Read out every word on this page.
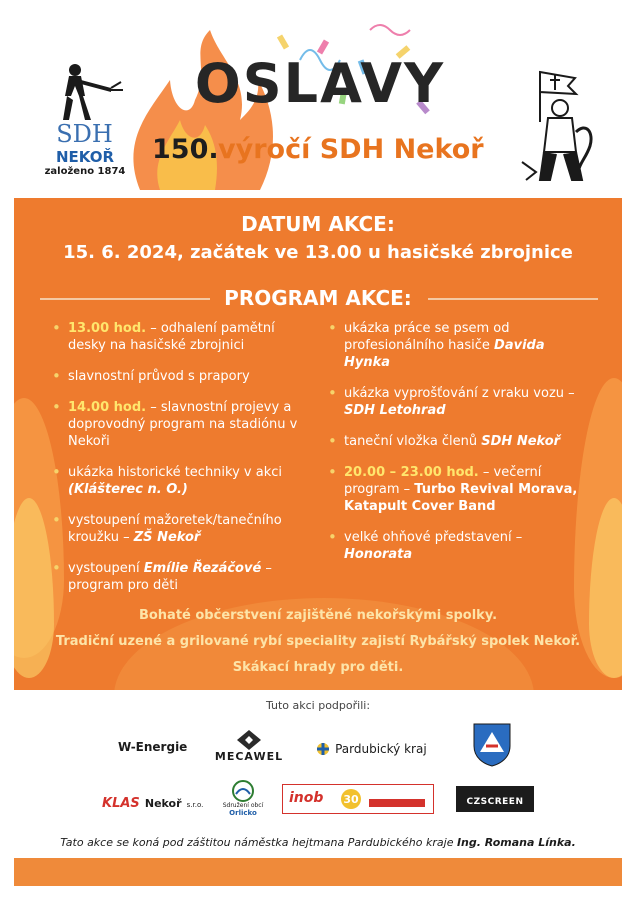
SDH
NEKOŘ
založeno 1874
OSLAVY
150. výročí SDH Nekoř
DATUM AKCE:
15. 6. 2024, začátek ve 13.00 u hasičské zbrojnice
PROGRAM AKCE:
• 13.00 hod. – odhalení pamětní desky na hasičské zbrojnici
• slavnostní průvod s prapory
• 14.00 hod. – slavnostní projevy a doprovodný program na stadiónu v Nekoři
• ukázka historické techniky v akci (Klášterec n. O.)
• vystoupení mažoretek/tanečního kroužku – ZŠ Nekoř
• vystoupení Emílie Řezáčové – program pro děti
• ukázka práce se psem od profesionálního hasiče Davida Hynka
• ukázka vyprošťování z vraku vozu – SDH Letohrad
• taneční vložka členů SDH Nekoř
• 20.00 – 23.00 hod. – večerní program – Turbo Revival Morava, Katapult Cover Band
• velké ohňové představení – Honorata
Bohaté občerstvení zajištěné nekořskými spolky.
Tradiční uzené a grilované rybí speciality zajistí Rybářský spolek Nekoř.
Skákací hrady pro děti.
Tuto akci podpořili:
W-Energie
MECAWEL
Pardubický kraj
KLAS Nekoř s.r.o.	Sdružení obcí
Orlicko
inob 30	CZSCREEN
Tato akce se koná pod záštitou náměstka hejtmana Pardubického kraje Ing. Romana Línka.
